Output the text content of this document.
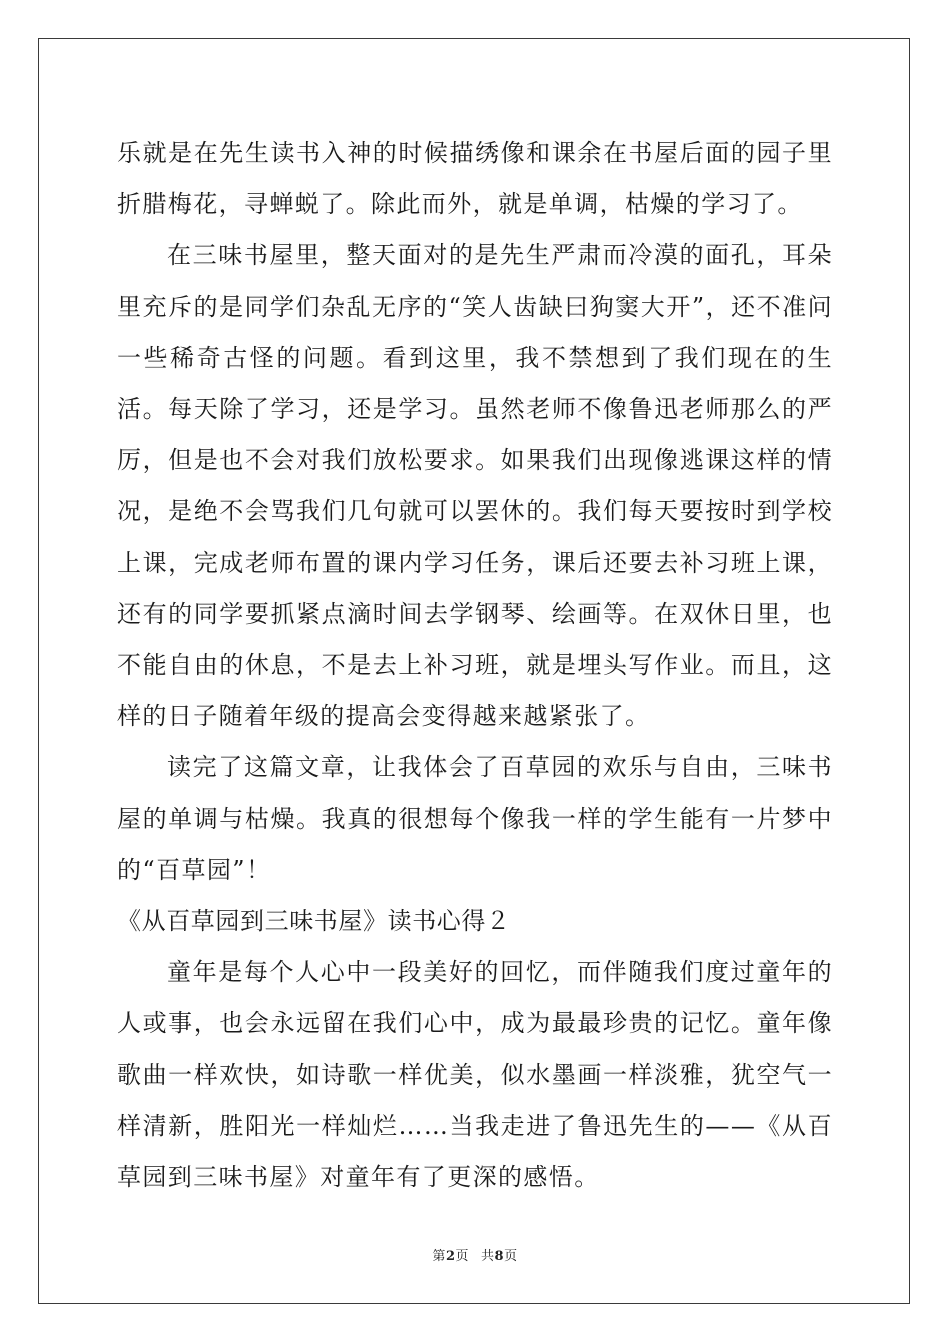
乐就是在先生读书入神的时候描绣像和课余在书屋后面的园子里折腊梅花，寻蝉蜕了。除此而外，就是单调，枯燥的学习了。

在三味书屋里，整天面对的是先生严肃而冷漠的面孔，耳朵里充斥的是同学们杂乱无序的“笑人齿缺曰狗窦大开”，还不准问一些稀奇古怪的问题。看到这里，我不禁想到了我们现在的生活。每天除了学习，还是学习。虽然老师不像鲁迅老师那么的严厉，但是也不会对我们放松要求。如果我们出现像逃课这样的情况，是绝不会骂我们几句就可以罢休的。我们每天要按时到学校上课，完成老师布置的课内学习任务，课后还要去补习班上课，还有的同学要抓紧点滴时间去学钢琴、绘画等。在双休日里，也不能自由的休息，不是去上补习班，就是埋头写作业。而且，这样的日子随着年级的提高会变得越来越紧张了。

读完了这篇文章，让我体会了百草园的欢乐与自由，三味书屋的单调与枯燥。我真的很想每个像我一样的学生能有一片梦中的“百草园”！

《从百草园到三味书屋》读书心得２

童年是每个人心中一段美好的回忆，而伴随我们度过童年的人或事，也会永远留在我们心中，成为最最珍贵的记忆。童年像歌曲一样欢快，如诗歌一样优美，似水墨画一样淡雅，犹空气一样清新，胜阳光一样灿烂……当我走进了鲁迅先生的——《从百草园到三味书屋》对童年有了更深的感悟。

第2页 共8页
